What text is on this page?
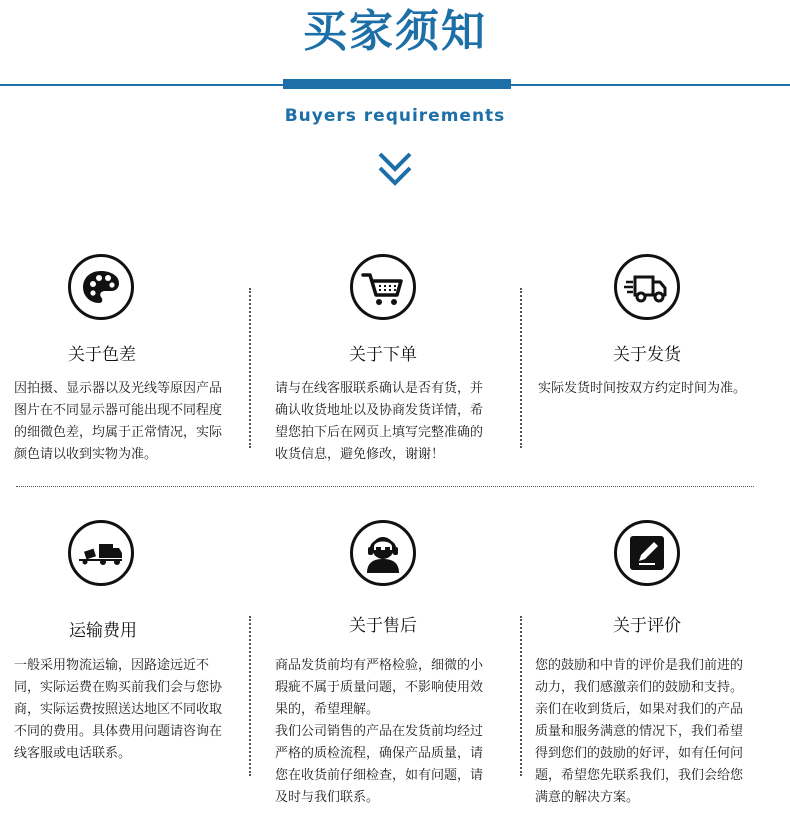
买家须知
Buyers requirements
关于色差

因拍摄、显示器以及光线等原因产品

图片在不同显示器可能出现不同程度

的细微色差，均属于正常情况，实际

颜色请以收到实物为准。

关于下单

请与在线客服联系确认是否有货，并

确认收货地址以及协商发货详情，希

望您拍下后在网页上填写完整准确的

收货信息，避免修改，谢谢！

关于发货

实际发货时间按双方约定时间为准。

运输费用

一般采用物流运输，因路途远近不

同，实际运费在购买前我们会与您协

商，实际运费按照送达地区不同收取

不同的费用。具体费用问题请咨询在

线客服或电话联系。

关于售后

商品发货前均有严格检验，细微的小

瑕疵不属于质量问题，不影响使用效

果的，希望理解。

我们公司销售的产品在发货前均经过

严格的质检流程，确保产品质量，请

您在收货前仔细检查，如有问题，请

及时与我们联系。

关于评价

您的鼓励和中肯的评价是我们前进的

动力，我们感激亲们的鼓励和支持。

亲们在收到货后，如果对我们的产品

质量和服务满意的情况下，我们希望

得到您们的鼓励的好评，如有任何问

题，希望您先联系我们，我们会给您

满意的解决方案。
